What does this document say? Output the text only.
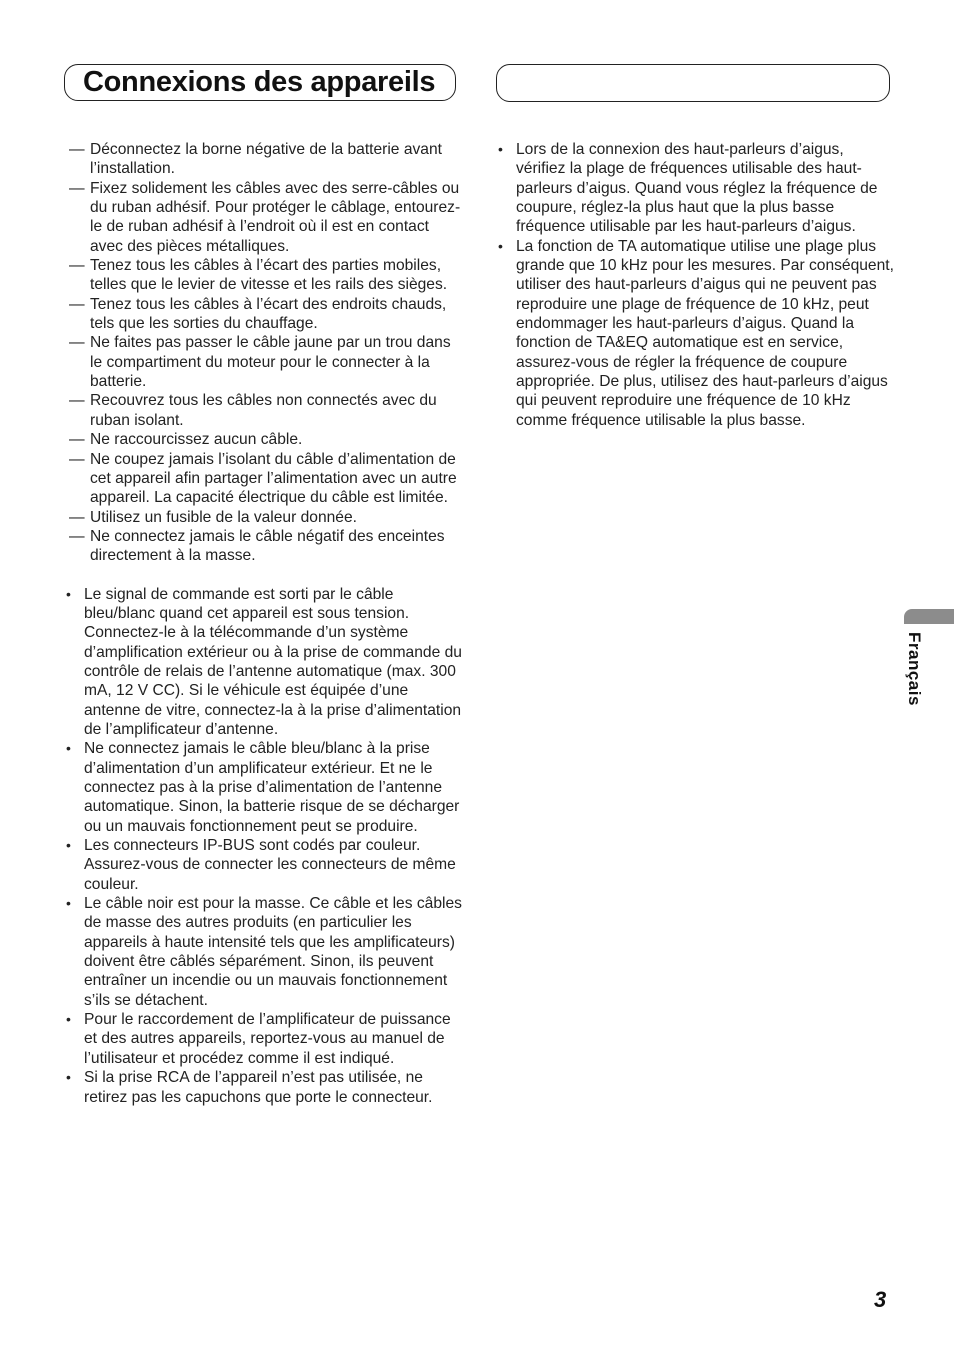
Connexions des appareils
— Déconnectez la borne négative de la batterie avant l’installation.
— Fixez solidement les câbles avec des serre-câbles ou du ruban adhésif. Pour protéger le câblage, entourez-le de ruban adhésif à l’endroit où il est en contact avec des pièces métalliques.
— Tenez tous les câbles à l’écart des parties mobiles, telles que le levier de vitesse et les rails des sièges.
— Tenez tous les câbles à l’écart des endroits chauds, tels que les sorties du chauffage.
— Ne faites pas passer le câble jaune par un trou dans le compartiment du moteur pour le connecter à la batterie.
— Recouvrez tous les câbles non connectés avec du ruban isolant.
— Ne raccourcissez aucun câble.
— Ne coupez jamais l’isolant du câble d’alimentation de cet appareil afin partager l’alimentation avec un autre appareil. La capacité électrique du câble est limitée.
— Utilisez un fusible de la valeur donnée.
— Ne connectez jamais le câble négatif des enceintes directement à la masse.
• Le signal de commande est sorti par le câble bleu/blanc quand cet appareil est sous tension. Connectez-le à la télécommande d’un système d’amplification extérieur ou à la prise de commande du contrôle de relais de l’antenne automatique (max. 300 mA, 12 V CC). Si le véhicule est équipée d’une antenne de vitre, connectez-la à la prise d’alimentation de l’amplificateur d’antenne.
• Ne connectez jamais le câble bleu/blanc à la prise d’alimentation d’un amplificateur extérieur. Et ne le connectez pas à la prise d’alimentation de l’antenne automatique. Sinon, la batterie risque de se décharger ou un mauvais fonctionnement peut se produire.
• Les connecteurs IP-BUS sont codés par couleur. Assurez-vous de connecter les connecteurs de même couleur.
• Le câble noir est pour la masse. Ce câble et les câbles de masse des autres produits (en particulier les appareils à haute intensité tels que les amplificateurs) doivent être câblés séparément. Sinon, ils peuvent entraîner un incendie ou un mauvais fonctionnement s’ils se détachent.
• Pour le raccordement de l’amplificateur de puissance et des autres appareils, reportez-vous au manuel de l’utilisateur et procédez comme il est indiqué.
• Si la prise RCA de l’appareil n’est pas utilisée, ne retirez pas les capuchons que porte le connecteur.
• Lors de la connexion des haut-parleurs d’aigus, vérifiez la plage de fréquences utilisable des haut-parleurs d’aigus. Quand vous réglez la fréquence de coupure, réglez-la plus haut que la plus basse fréquence utilisable par les haut-parleurs d’aigus.
• La fonction de TA automatique utilise une plage plus grande que 10 kHz pour les mesures. Par conséquent, utiliser des haut-parleurs d’aigus qui ne peuvent pas reproduire une plage de fréquence de 10 kHz, peut endommager les haut-parleurs d’aigus. Quand la fonction de TA&EQ automatique est en service, assurez-vous de régler la fréquence de coupure appropriée. De plus, utilisez des haut-parleurs d’aigus qui peuvent reproduire une fréquence de 10 kHz comme fréquence utilisable la plus basse.
Français
3
